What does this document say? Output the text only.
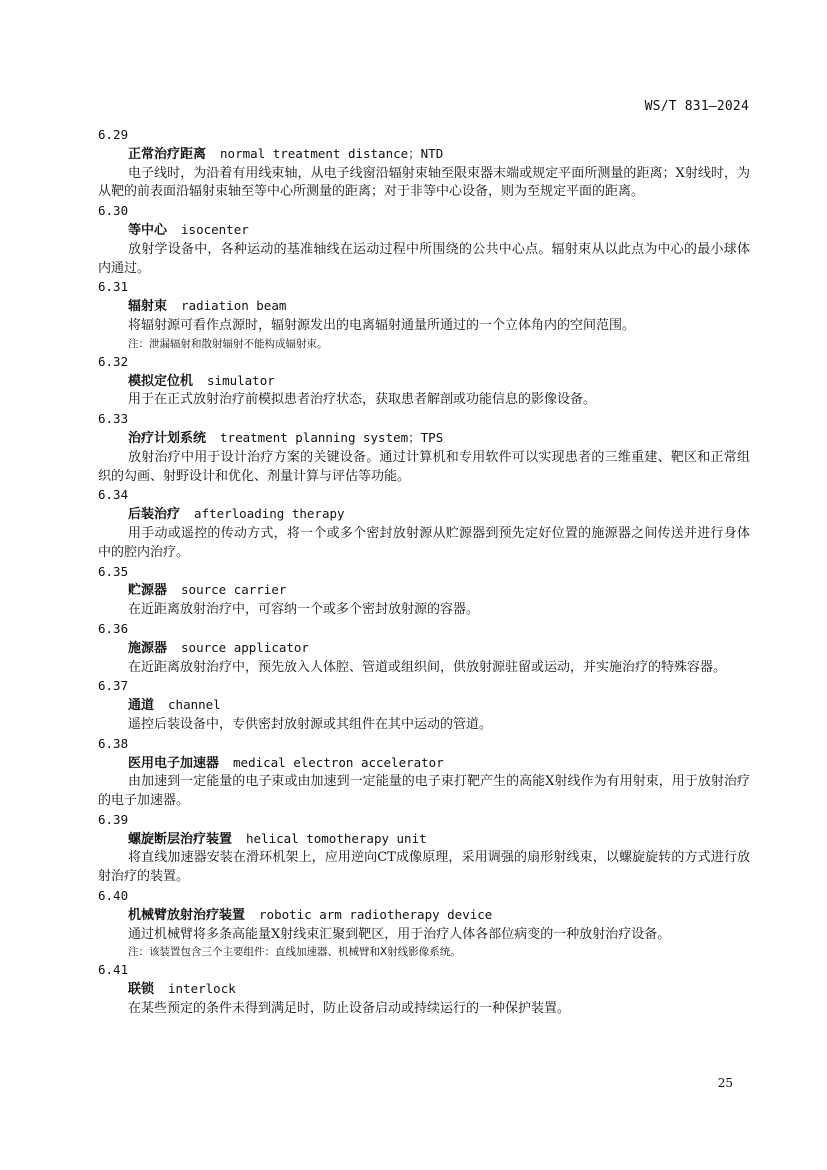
WS/T 831—2024
6.29
正常治疗距离 normal treatment distance；NTD
电子线时，为沿着有用线束轴，从电子线窗沿辐射束轴至限束器末端或规定平面所测量的距离；X射线时，为从靶的前表面沿辐射束轴至等中心所测量的距离；对于非等中心设备，则为至规定平面的距离。
6.30
等中心 isocenter
放射学设备中，各种运动的基准轴线在运动过程中所围绕的公共中心点。辐射束从以此点为中心的最小球体内通过。
6.31
辐射束 radiation beam
将辐射源可看作点源时，辐射源发出的电离辐射通量所通过的一个立体角内的空间范围。
注：泄漏辐射和散射辐射不能构成辐射束。
6.32
模拟定位机 simulator
用于在正式放射治疗前模拟患者治疗状态，获取患者解剖或功能信息的影像设备。
6.33
治疗计划系统 treatment planning system；TPS
放射治疗中用于设计治疗方案的关键设备。通过计算机和专用软件可以实现患者的三维重建、靶区和正常组织的勾画、射野设计和优化、剂量计算与评估等功能。
6.34
后装治疗 afterloading therapy
用手动或遥控的传动方式，将一个或多个密封放射源从贮源器到预先定好位置的施源器之间传送并进行身体中的腔内治疗。
6.35
贮源器 source carrier
在近距离放射治疗中，可容纳一个或多个密封放射源的容器。
6.36
施源器 source applicator
在近距离放射治疗中，预先放入人体腔、管道或组织间，供放射源驻留或运动，并实施治疗的特殊容器。
6.37
通道 channel
遥控后装设备中，专供密封放射源或其组件在其中运动的管道。
6.38
医用电子加速器 medical electron accelerator
由加速到一定能量的电子束或由加速到一定能量的电子束打靶产生的高能X射线作为有用射束，用于放射治疗的电子加速器。
6.39
螺旋断层治疗装置 helical tomotherapy unit
将直线加速器安装在滑环机架上，应用逆向CT成像原理，采用调强的扇形射线束，以螺旋旋转的方式进行放射治疗的装置。
6.40
机械臂放射治疗装置 robotic arm radiotherapy device
通过机械臂将多条高能量X射线束汇聚到靶区，用于治疗人体各部位病变的一种放射治疗设备。
注：该装置包含三个主要组件：直线加速器、机械臂和X射线影像系统。
6.41
联锁 interlock
在某些预定的条件未得到满足时，防止设备启动或持续运行的一种保护装置。
25
